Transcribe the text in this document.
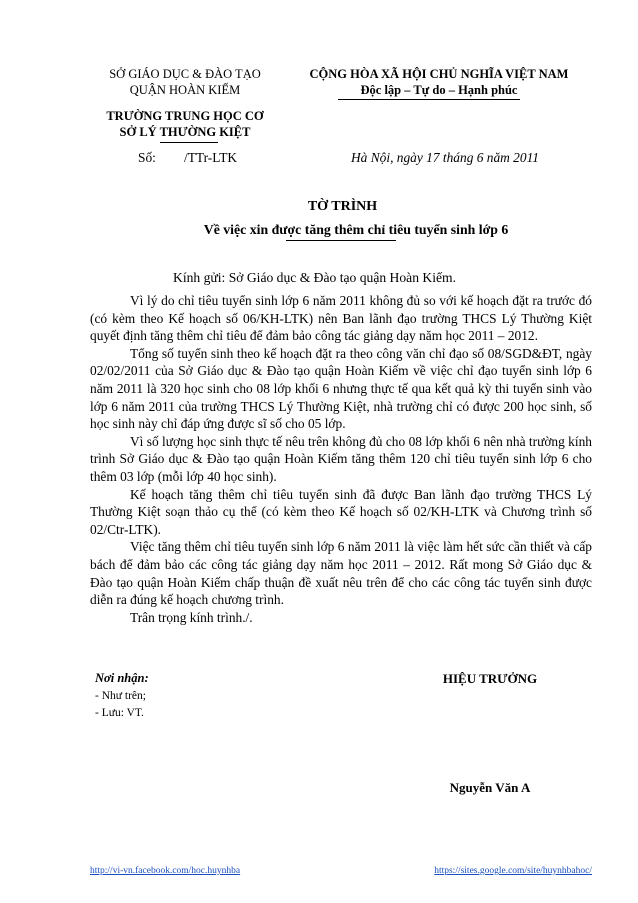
SỞ GIÁO DỤC & ĐÀO TẠO
QUẬN HOÀN KIẾM
TRƯỜNG TRUNG HỌC CƠ
SỞ LÝ THƯỜNG KIỆT
CỘNG HÒA XÃ HỘI CHỦ NGHĨA VIỆT NAM
Độc lập – Tự do – Hạnh phúc
Số: /TTr-LTK	Hà Nội, ngày 17 tháng 6 năm 2011
TỜ TRÌNH
Về việc xin được tăng thêm chỉ tiêu tuyển sinh lớp 6
Kính gửi: Sở Giáo dục & Đào tạo quận Hoàn Kiếm.

Vì lý do chỉ tiêu tuyển sinh lớp 6 năm 2011 không đủ so với kế hoạch đặt ra trước đó (có kèm theo Kế hoạch số 06/KH-LTK) nên Ban lãnh đạo trường THCS Lý Thường Kiệt quyết định tăng thêm chỉ tiêu để đảm bảo công tác giảng dạy năm học 2011 – 2012.

Tổng số tuyển sinh theo kế hoạch đặt ra theo công văn chỉ đạo số 08/SGD&ĐT, ngày 02/02/2011 của Sở Giáo dục & Đào tạo quận Hoàn Kiếm về việc chỉ đạo tuyển sinh lớp 6 năm 2011 là 320 học sinh cho 08 lớp khối 6 nhưng thực tế qua kết quả kỳ thi tuyển sinh vào lớp 6 năm 2011 của trường THCS Lý Thường Kiệt, nhà trường chỉ có được 200 học sinh, số học sinh này chỉ đáp ứng được sĩ số cho 05 lớp.

Vì số lượng học sinh thực tế nêu trên không đủ cho 08 lớp khối 6 nên nhà trường kính trình Sở Giáo dục & Đào tạo quận Hoàn Kiếm tăng thêm 120 chỉ tiêu tuyển sinh lớp 6 cho thêm 03 lớp (mỗi lớp 40 học sinh).

Kế hoạch tăng thêm chỉ tiêu tuyển sinh đã được Ban lãnh đạo trường THCS Lý Thường Kiệt soạn thảo cụ thể (có kèm theo Kế hoạch số 02/KH-LTK và Chương trình số 02/Ctr-LTK).

Việc tăng thêm chỉ tiêu tuyển sinh lớp 6 năm 2011 là việc làm hết sức cần thiết và cấp bách để đảm bảo các công tác giảng dạy năm học 2011 – 2012. Rất mong Sở Giáo dục & Đào tạo quận Hoàn Kiếm chấp thuận đề xuất nêu trên để cho các công tác tuyển sinh được diễn ra đúng kế hoạch chương trình.

Trân trọng kính trình./.

Nơi nhận:
- Như trên;
- Lưu: VT.
HIỆU TRƯỞNG
Nguyễn Văn A
http://vi-vn.facebook.com/hoc.huynhba	https://sites.google.com/site/huynhbahoc/
